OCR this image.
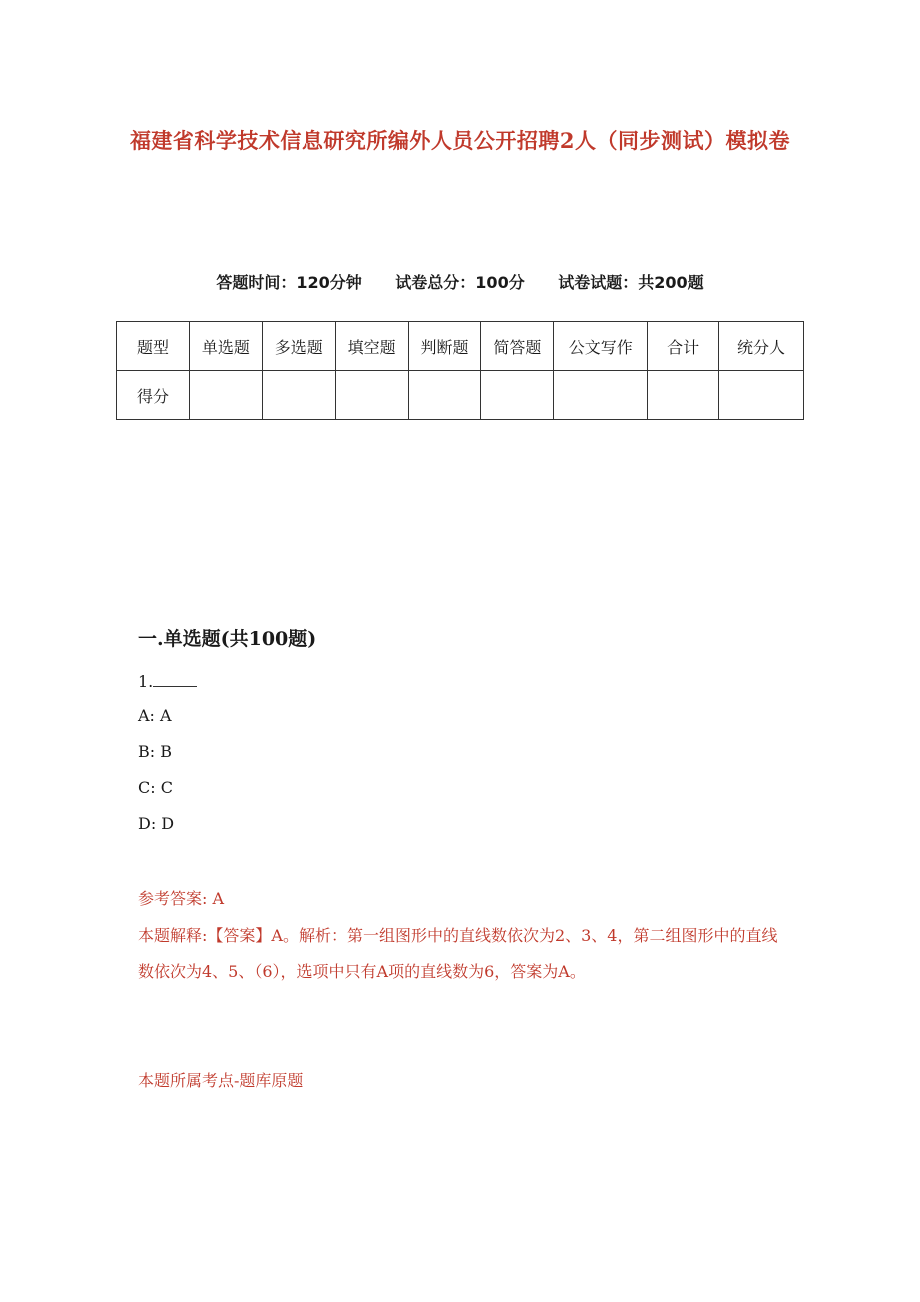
福建省科学技术信息研究所编外人员公开招聘2人（同步测试）模拟卷
答题时间：120分钟 试卷总分：100分 试卷试题：共200题
题型	单选题	多选题	填空题	判断题	简答题	公文写作	合计	统分人
得分								
一.单选题(共100题)
1.
A: A
B: B
C: C
D: D
参考答案: A
本题解释:【答案】A。解析：第一组图形中的直线数依次为2、3、4，第二组图形中的直线数依次为4、5、（6），选项中只有A项的直线数为6，答案为A。
本题所属考点-题库原题
